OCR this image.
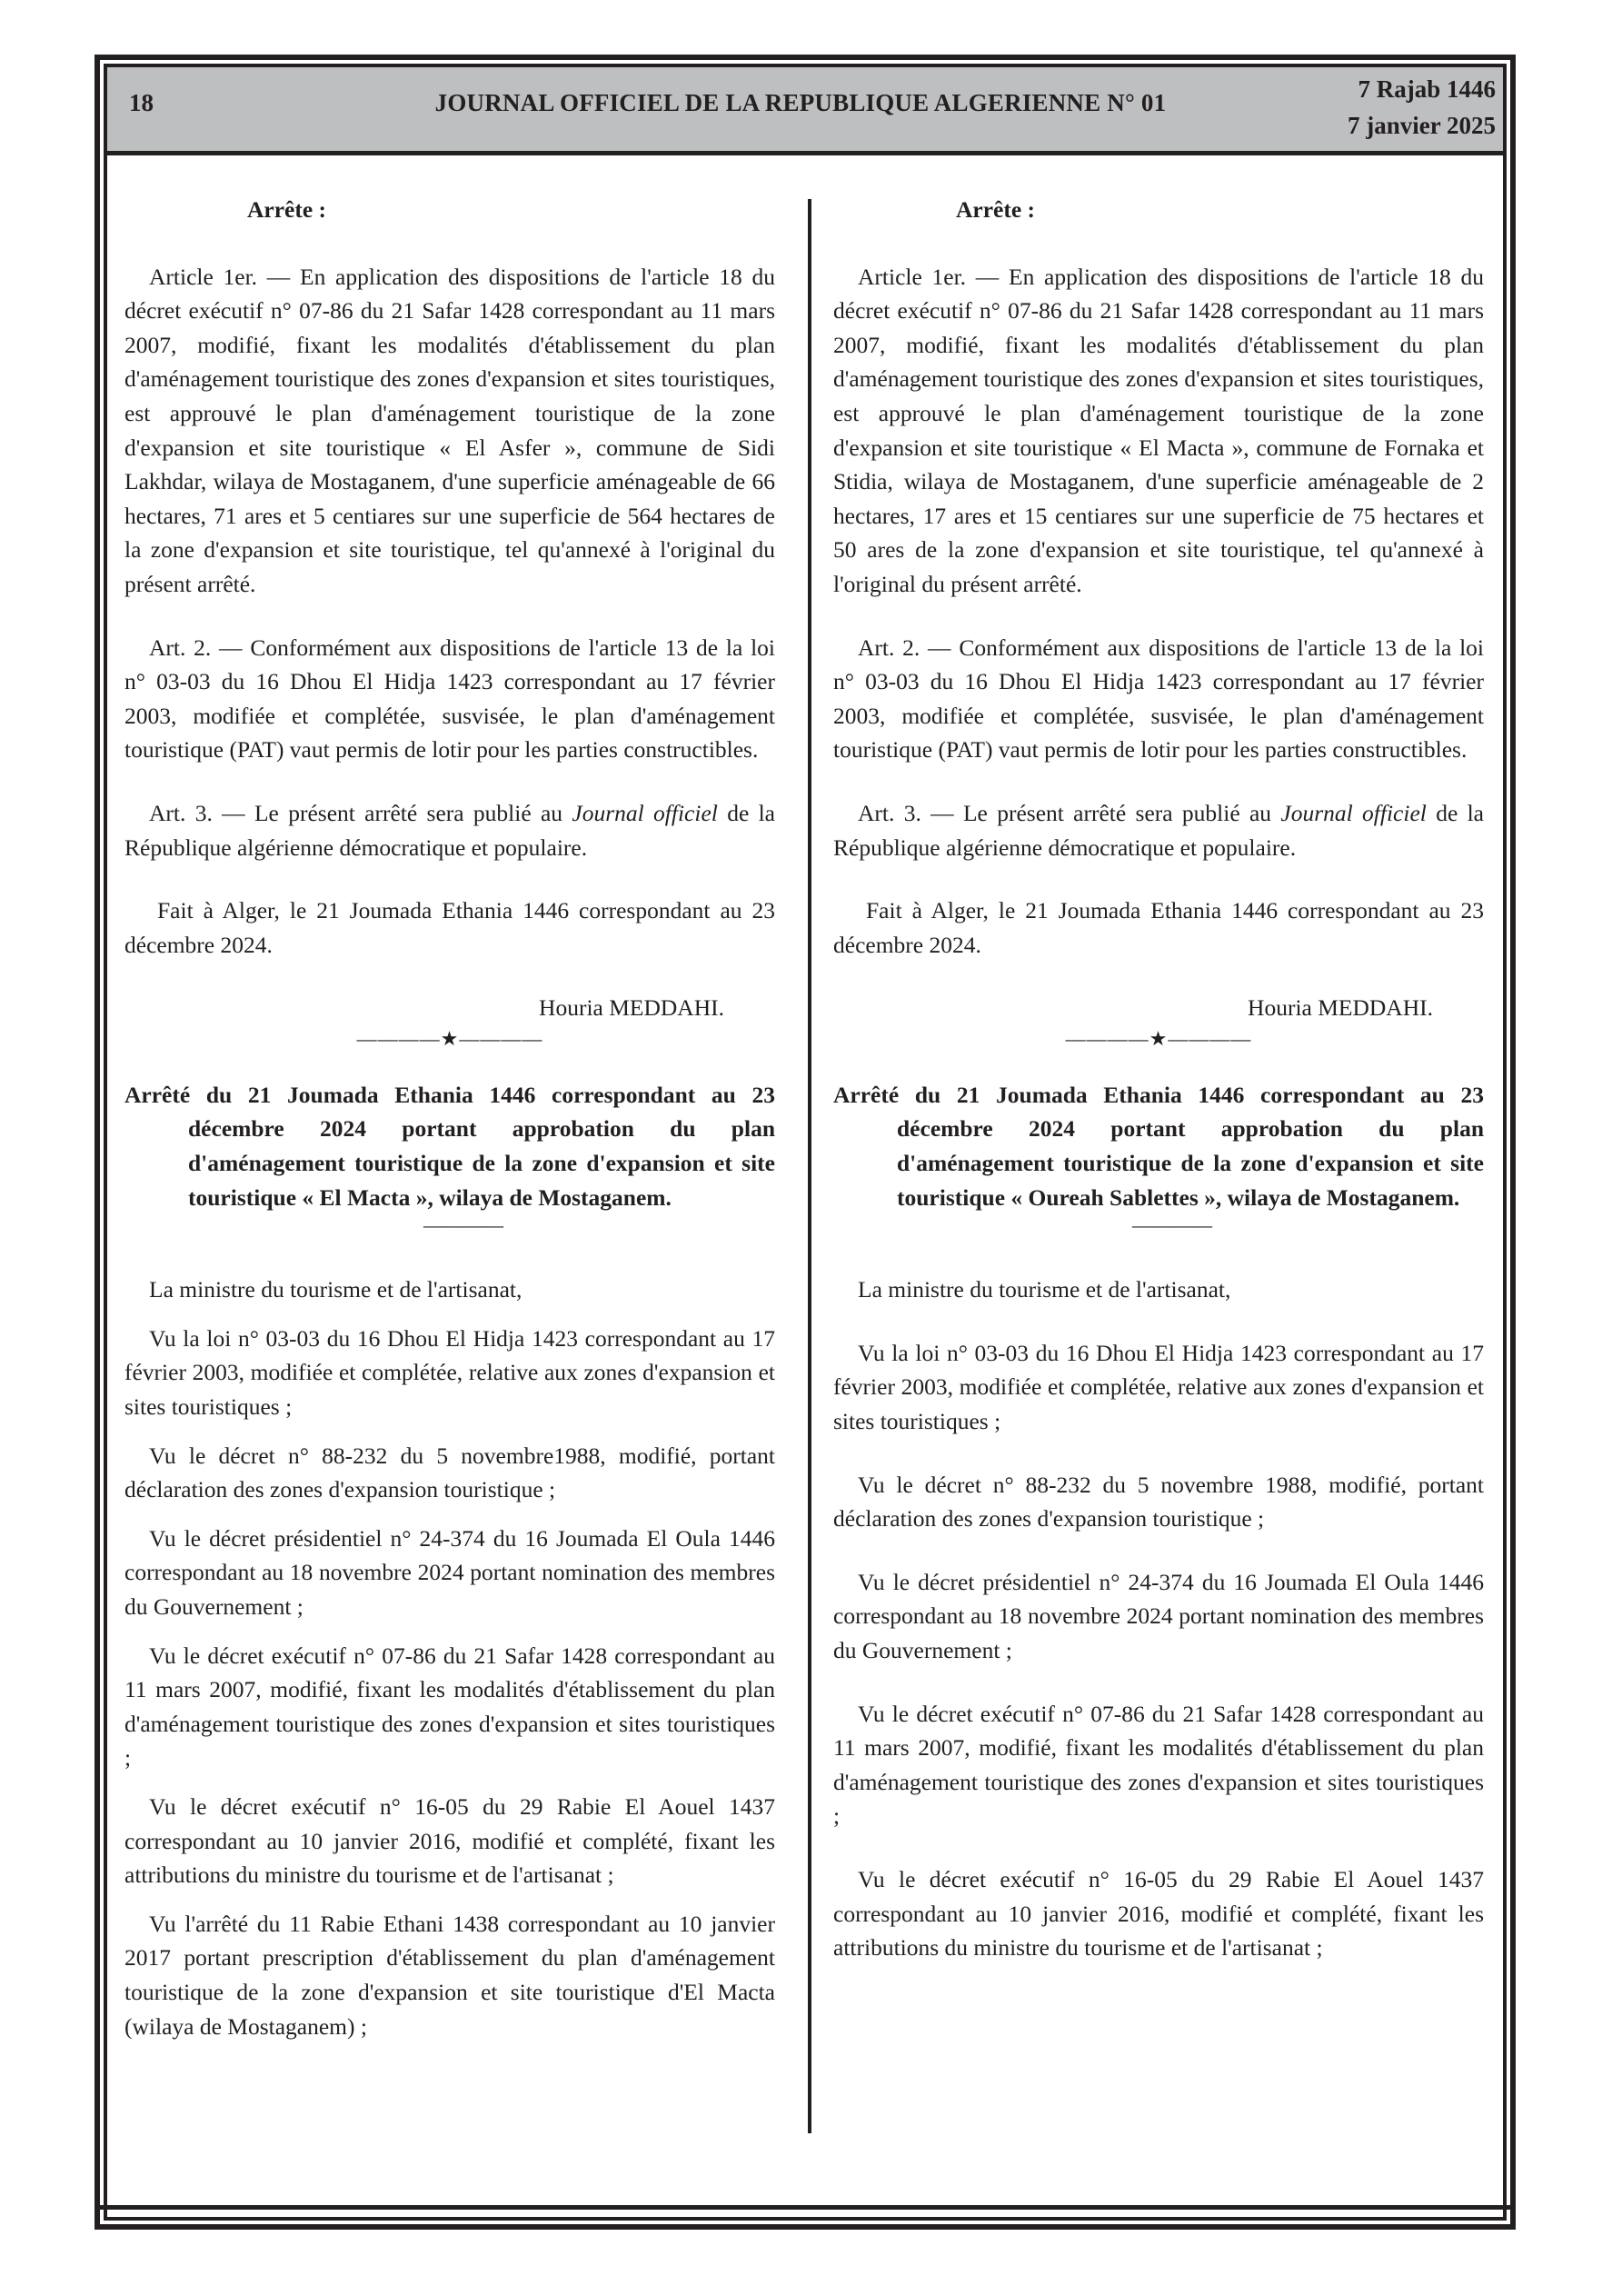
18	JOURNAL OFFICIEL DE LA REPUBLIQUE ALGERIENNE N° 01	7 Rajab 1446
7 janvier 2025

Arrête :

Article 1er. — En application des dispositions de l'article 18 du décret exécutif n° 07-86 du 21 Safar 1428 correspondant au 11 mars 2007, modifié, fixant les modalités d'établissement du plan d'aménagement touristique des zones d'expansion et sites touristiques, est approuvé le plan d'aménagement touristique de la zone d'expansion et site touristique « El Asfer », commune de Sidi Lakhdar, wilaya de Mostaganem, d'une superficie aménageable de 66 hectares, 71 ares et 5 centiares sur une superficie de 564 hectares de la zone d'expansion et site touristique, tel qu'annexé à l'original du présent arrêté.

Art. 2. — Conformément aux dispositions de l'article 13 de la loi n° 03-03 du 16 Dhou El Hidja 1423 correspondant au 17 février 2003, modifiée et complétée, susvisée, le plan d'aménagement touristique (PAT) vaut permis de lotir pour les parties constructibles.

Art. 3. — Le présent arrêté sera publié au Journal officiel de la République algérienne démocratique et populaire.

Fait à Alger, le 21 Joumada Ethania 1446 correspondant au 23 décembre 2024.

Houria MEDDAHI.

————★————

Arrêté du 21 Joumada Ethania 1446 correspondant au 23 décembre 2024 portant approbation du plan d'aménagement touristique de la zone d'expansion et site touristique « El Macta », wilaya de Mostaganem.

————

La ministre du tourisme et de l'artisanat,

Vu la loi n° 03-03 du 16 Dhou El Hidja 1423 correspondant au 17 février 2003, modifiée et complétée, relative aux zones d'expansion et sites touristiques ;

Vu le décret n° 88-232 du 5 novembre1988, modifié, portant déclaration des zones d'expansion touristique ;

Vu le décret présidentiel n° 24-374 du 16 Joumada El Oula 1446 correspondant au 18 novembre 2024 portant nomination des membres du Gouvernement ;

Vu le décret exécutif n° 07-86 du 21 Safar 1428 correspondant au 11 mars 2007, modifié, fixant les modalités d'établissement du plan d'aménagement touristique des zones d'expansion et sites touristiques ;

Vu le décret exécutif n° 16-05 du 29 Rabie El Aouel 1437 correspondant au 10 janvier 2016, modifié et complété, fixant les attributions du ministre du tourisme et de l'artisanat ;

Vu l'arrêté du 11 Rabie Ethani 1438 correspondant au 10 janvier 2017 portant prescription d'établissement du plan d'aménagement touristique de la zone d'expansion et site touristique d'El Macta (wilaya de Mostaganem) ;

Arrête :

Article 1er. — En application des dispositions de l'article 18 du décret exécutif n° 07-86 du 21 Safar 1428 correspondant au 11 mars 2007, modifié, fixant les modalités d'établissement du plan d'aménagement touristique des zones d'expansion et sites touristiques, est approuvé le plan d'aménagement touristique de la zone d'expansion et site touristique « El Macta », commune de Fornaka et Stidia, wilaya de Mostaganem, d'une superficie aménageable de 2 hectares, 17 ares et 15 centiares sur une superficie de 75 hectares et 50 ares de la zone d'expansion et site touristique, tel qu'annexé à l'original du présent arrêté.

Art. 2. — Conformément aux dispositions de l'article 13 de la loi n° 03-03 du 16 Dhou El Hidja 1423 correspondant au 17 février 2003, modifiée et complétée, susvisée, le plan d'aménagement touristique (PAT) vaut permis de lotir pour les parties constructibles.

Art. 3. — Le présent arrêté sera publié au Journal officiel de la République algérienne démocratique et populaire.

Fait à Alger, le 21 Joumada Ethania 1446 correspondant au 23 décembre 2024.

Houria MEDDAHI.

————★————

Arrêté du 21 Joumada Ethania 1446 correspondant au 23 décembre 2024 portant approbation du plan d'aménagement touristique de la zone d'expansion et site touristique « Oureah Sablettes », wilaya de Mostaganem.

————

La ministre du tourisme et de l'artisanat,

Vu la loi n° 03-03 du 16 Dhou El Hidja 1423 correspondant au 17 février 2003, modifiée et complétée, relative aux zones d'expansion et sites touristiques ;

Vu le décret n° 88-232 du 5 novembre 1988, modifié, portant déclaration des zones d'expansion touristique ;

Vu le décret présidentiel n° 24-374 du 16 Joumada El Oula 1446 correspondant au 18 novembre 2024 portant nomination des membres du Gouvernement ;

Vu le décret exécutif n° 07-86 du 21 Safar 1428 correspondant au 11 mars 2007, modifié, fixant les modalités d'établissement du plan d'aménagement touristique des zones d'expansion et sites touristiques ;

Vu le décret exécutif n° 16-05 du 29 Rabie El Aouel 1437 correspondant au 10 janvier 2016, modifié et complété, fixant les attributions du ministre du tourisme et de l'artisanat ;
